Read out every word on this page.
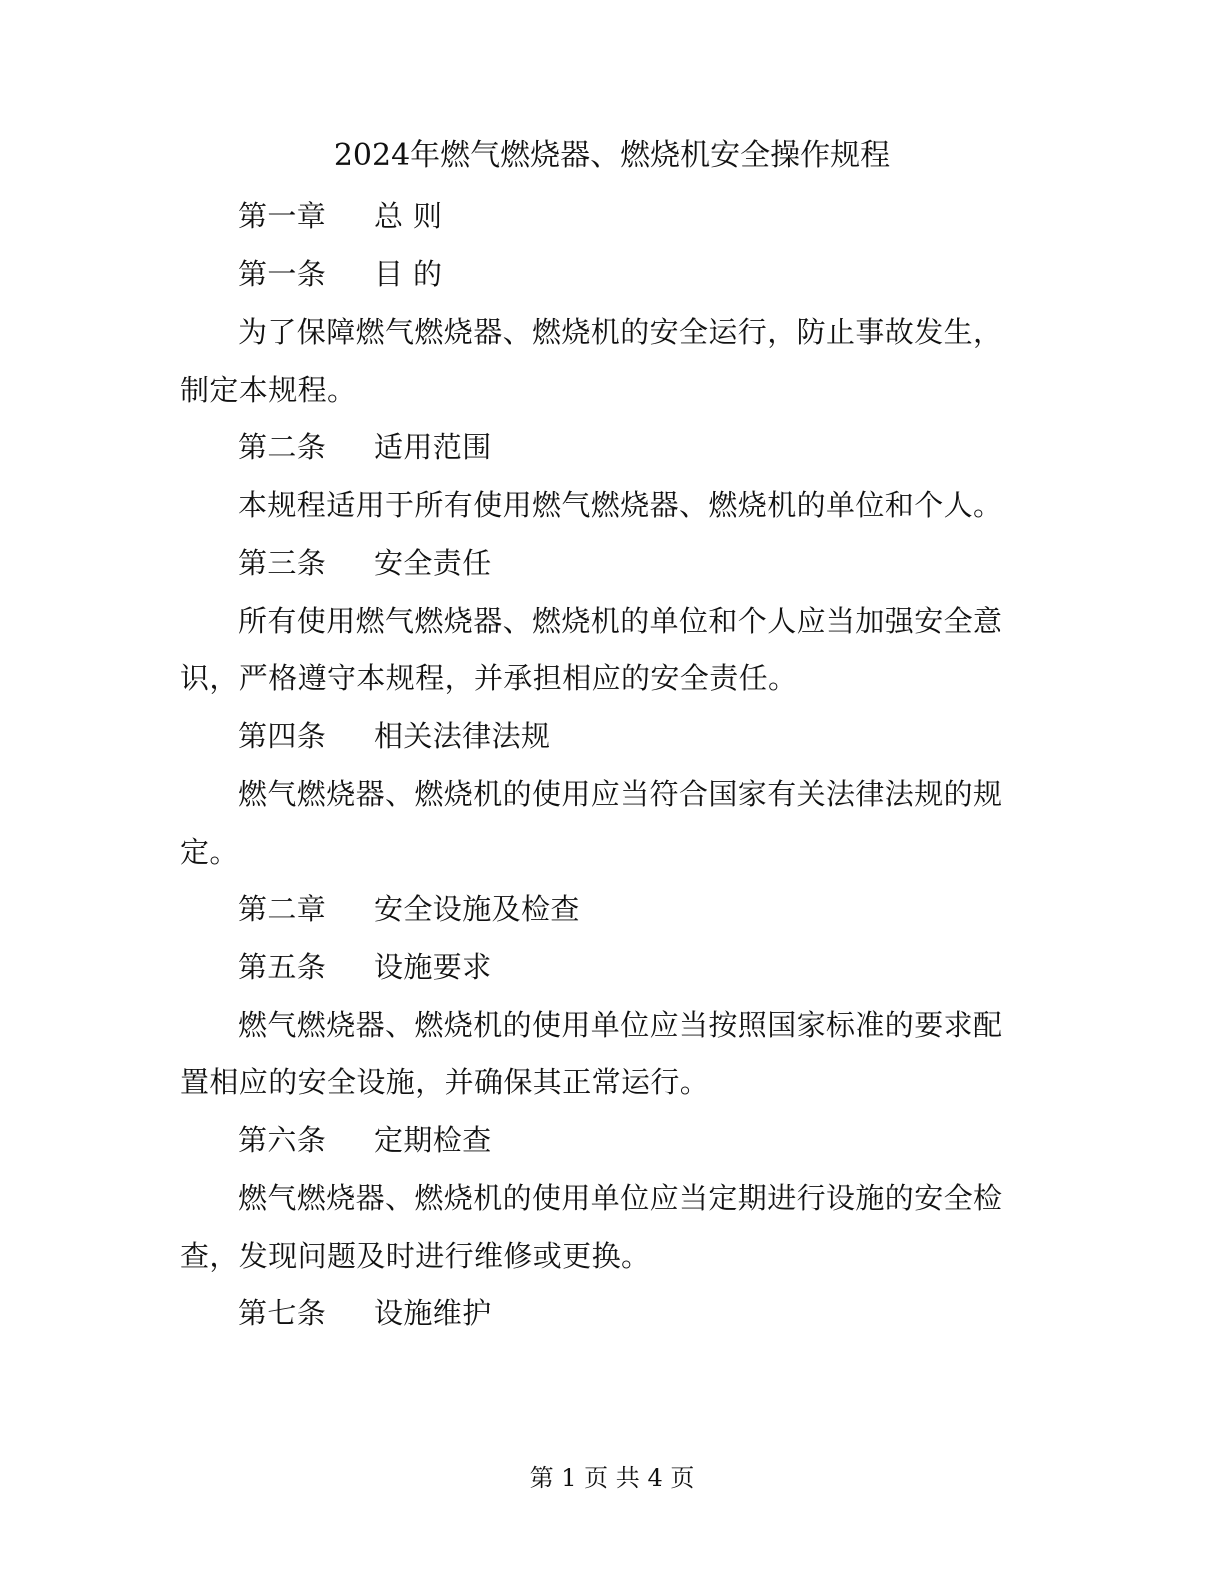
2024年燃气燃烧器、燃烧机安全操作规程
第一章 总 则
第一条 目 的
为了保障燃气燃烧器、燃烧机的安全运行，防止事故发生，
制定本规程。
第二条 适用范围
本规程适用于所有使用燃气燃烧器、燃烧机的单位和个人。
第三条 安全责任
所有使用燃气燃烧器、燃烧机的单位和个人应当加强安全意
识，严格遵守本规程，并承担相应的安全责任。
第四条 相关法律法规
燃气燃烧器、燃烧机的使用应当符合国家有关法律法规的规
定。
第二章 安全设施及检查
第五条 设施要求
燃气燃烧器、燃烧机的使用单位应当按照国家标准的要求配
置相应的安全设施，并确保其正常运行。
第六条 定期检查
燃气燃烧器、燃烧机的使用单位应当定期进行设施的安全检
查，发现问题及时进行维修或更换。
第七条 设施维护
第 1 页 共 4 页
